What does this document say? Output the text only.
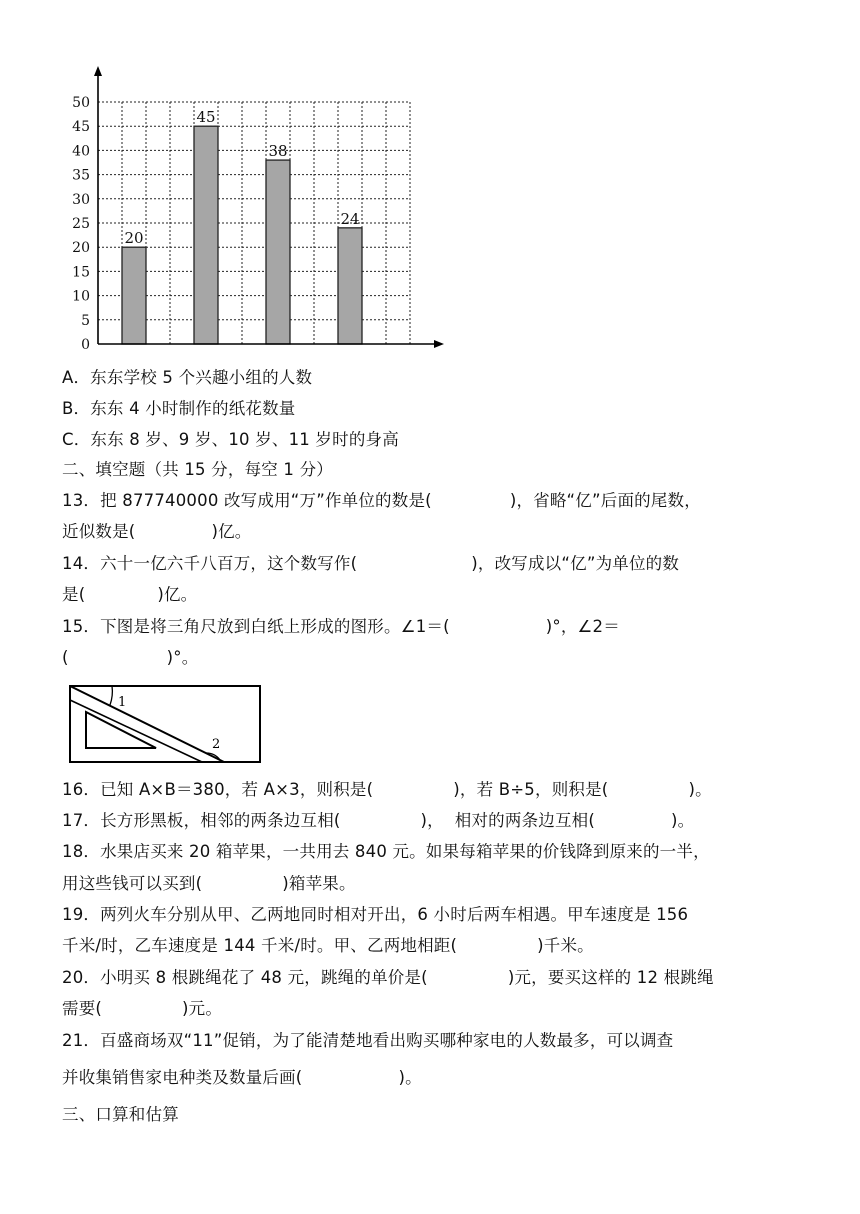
0
5
10
15
20
25
30
35
40
45
50
20
45
38
24
A．东东学校 5 个兴趣小组的人数
B．东东 4 小时制作的纸花数量
C．东东 8 岁、9 岁、10 岁、11 岁时的身高
二、填空题（共 15 分，每空 1 分）
13．把 877740000 改写成用“万”作单位的数是(	)，省略“亿”后面的尾数，
近似数是(	)亿。
14．六十一亿六千八百万，这个数写作(	)，改写成以“亿”为单位的数
是(	)亿。
15．下图是将三角尺放到白纸上形成的图形。∠1＝(	)°，∠2＝
(	)°。
1
2
16．已知 A×B＝380，若 A×3，则积是(	)，若 B÷5，则积是(	)。
17．长方形黑板，相邻的两条边互相(	)，  相对的两条边互相(	)。
18．水果店买来 20 箱苹果，一共用去 840 元。如果每箱苹果的价钱降到原来的一半，
用这些钱可以买到(	)箱苹果。
19．两列火车分别从甲、乙两地同时相对开出，6 小时后两车相遇。甲车速度是 156
千米/时，乙车速度是 144 千米/时。甲、乙两地相距(	)千米。
20．小明买 8 根跳绳花了 48 元，跳绳的单价是(	)元，要买这样的 12 根跳绳
需要(	)元。
21．百盛商场双“11”促销，为了能清楚地看出购买哪种家电的人数最多，可以调查
并收集销售家电种类及数量后画(	)。
三、口算和估算
